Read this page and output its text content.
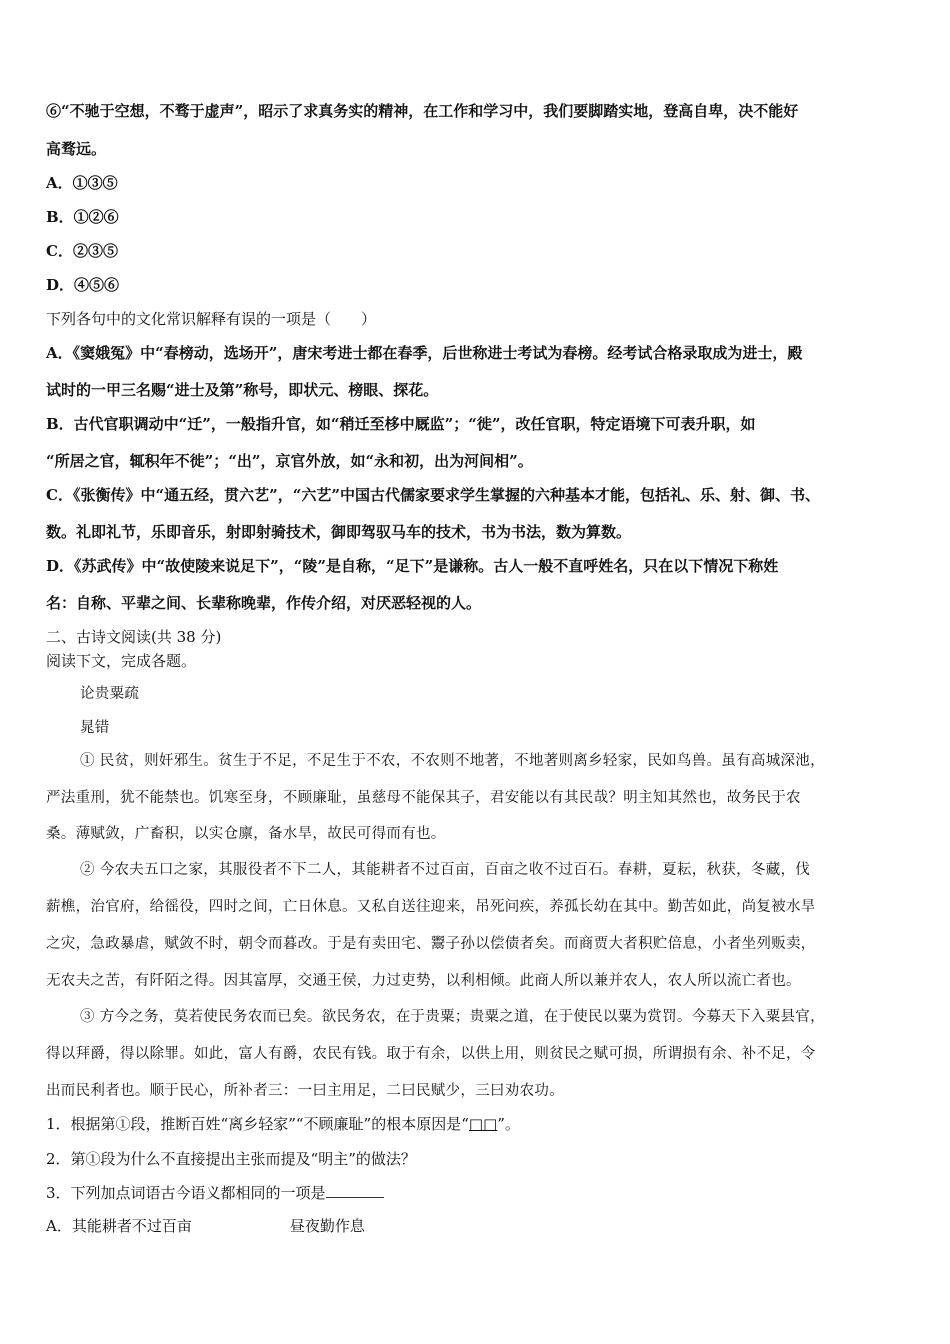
⑥“不驰于空想，不骛于虚声”，昭示了求真务实的精神，在工作和学习中，我们要脚踏实地，登高自卑，决不能好
高骛远。
A．①③⑤
B．①②⑥
C．②③⑤
D．④⑤⑥
下列各句中的文化常识解释有误的一项是（　　）
A．《窦娥冤》中“春榜动，选场开”，唐宋考进士都在春季，后世称进士考试为春榜。经考试合格录取成为进士，殿
试时的一甲三名赐“进士及第”称号，即状元、榜眼、探花。
B．古代官职调动中“迁”，一般指升官，如“稍迁至栘中厩监”；“徙”，改任官职，特定语境下可表升职，如
“所居之官，辄积年不徙”；“出”，京官外放，如“永和初，出为河间相”。
C．《张衡传》中“通五经，贯六艺”，“六艺”中国古代儒家要求学生掌握的六种基本才能，包括礼、乐、射、御、书、
数。礼即礼节，乐即音乐，射即射骑技术，御即驾驭马车的技术，书为书法，数为算数。
D．《苏武传》中“故使陵来说足下”，“陵”是自称，“足下”是谦称。古人一般不直呼姓名，只在以下情况下称姓
名：自称、平辈之间、长辈称晚辈，作传介绍，对厌恶轻视的人。
二、古诗文阅读(共 38 分)
阅读下文，完成各题。
论贵粟疏
晁错
① 民贫，则奸邪生。贫生于不足，不足生于不农，不农则不地著，不地著则离乡轻家，民如鸟兽。虽有高城深池，
严法重刑，犹不能禁也。饥寒至身，不顾廉耻，虽慈母不能保其子，君安能以有其民哉？明主知其然也，故务民于农
桑。薄赋敛，广畜积，以实仓廪，备水旱，故民可得而有也。
② 今农夫五口之家，其服役者不下二人，其能耕者不过百亩，百亩之收不过百石。春耕，夏耘，秋获，冬藏，伐
薪樵，治官府，给徭役，四时之间，亡日休息。又私自送往迎来，吊死问疾，养孤长幼在其中。勤苦如此，尚复被水旱
之灾，急政暴虐，赋敛不时，朝令而暮改。于是有卖田宅、鬻子孙以偿债者矣。而商贾大者积贮倍息，小者坐列贩卖，
无农夫之苦，有阡陌之得。因其富厚，交通王侯，力过吏势，以利相倾。此商人所以兼并农人，农人所以流亡者也。
③ 方今之务，莫若使民务农而已矣。欲民务农，在于贵粟；贵粟之道，在于使民以粟为赏罚。今募天下入粟县官，
得以拜爵，得以除罪。如此，富人有爵，农民有钱。取于有余，以供上用，则贫民之赋可损，所谓损有余、补不足，令
出而民利者也。顺于民心，所补者三：一曰主用足，二曰民赋少，三曰劝农功。
1．根据第①段，推断百姓“离乡轻家”“不顾廉耻”的根本原因是“□□”。
2．第①段为什么不直接提出主张而提及“明主”的做法？
3．下列加点词语古今语义都相同的一项是
A．其能耕者不过百亩	昼夜勤作息
